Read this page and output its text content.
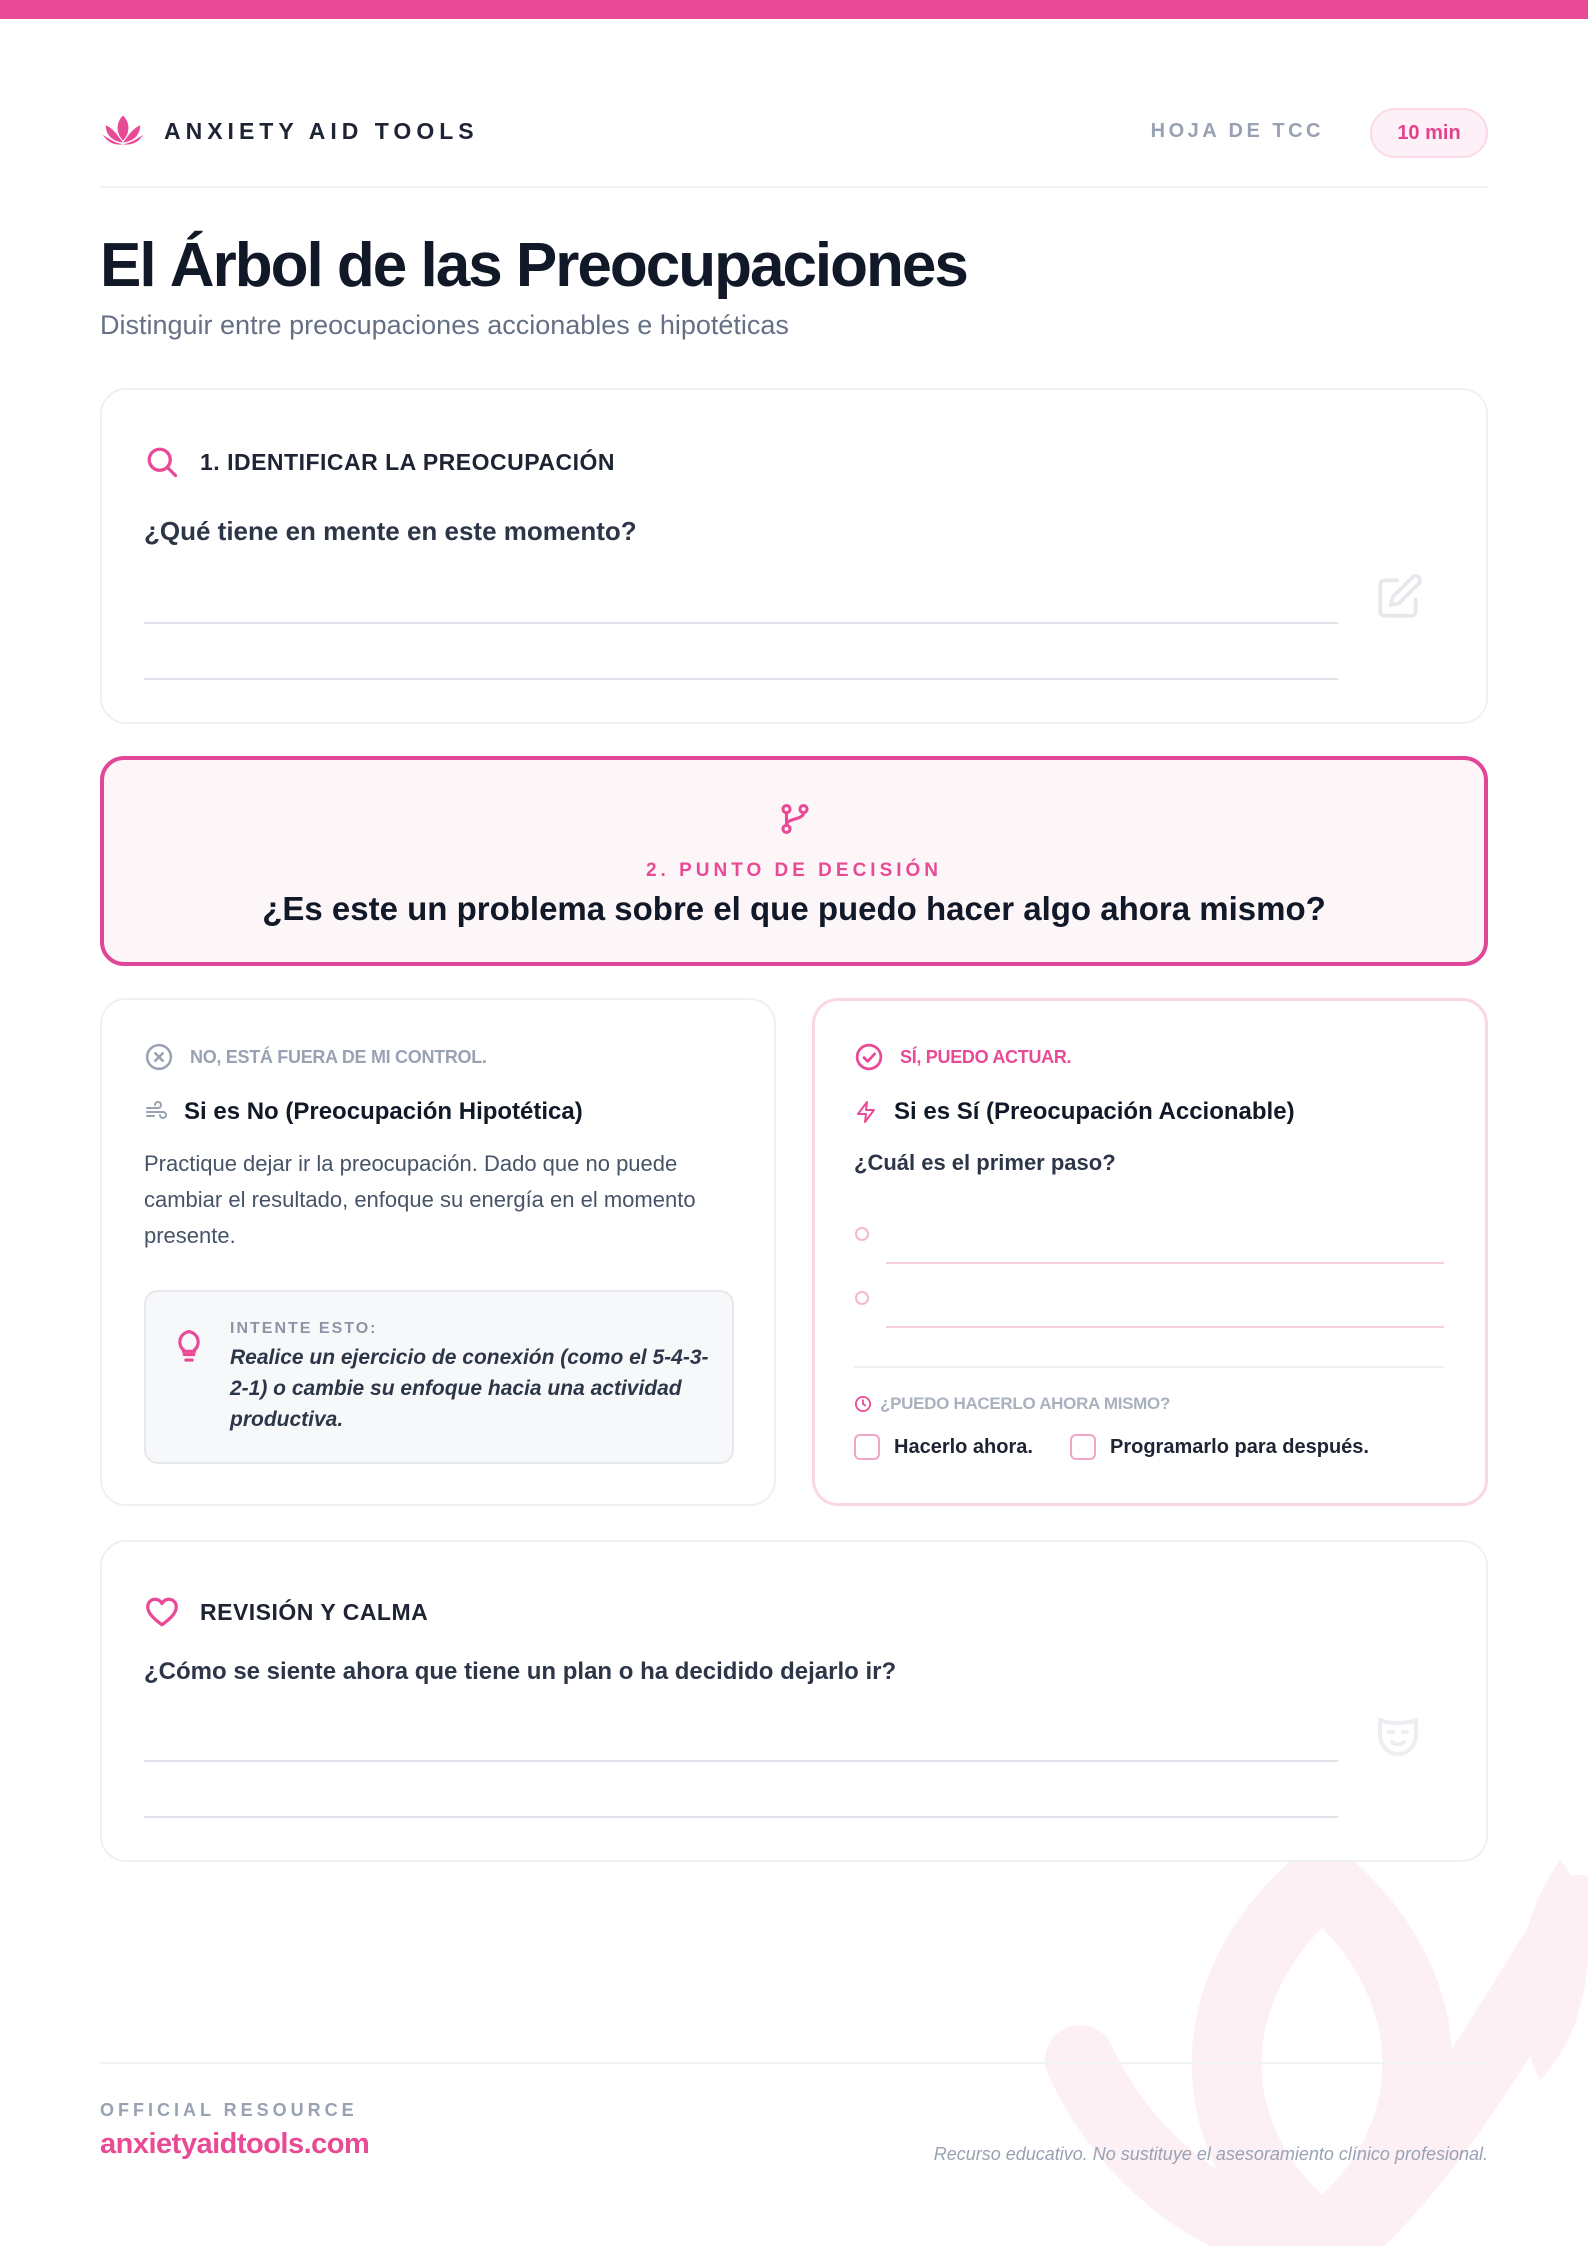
ANXIETY AID TOOLS	HOJA DE TCC	10 min
El Árbol de las Preocupaciones
Distinguir entre preocupaciones accionables e hipotéticas
1. IDENTIFICAR LA PREOCUPACIÓN
¿Qué tiene en mente en este momento?
2. PUNTO DE DECISIÓN
¿Es este un problema sobre el que puedo hacer algo ahora mismo?
NO, ESTÁ FUERA DE MI CONTROL.
Si es No (Preocupación Hipotética)
Practique dejar ir la preocupación. Dado que no puede cambiar el resultado, enfoque su energía en el momento presente.
INTENTE ESTO:
Realice un ejercicio de conexión (como el 5-4-3-2-1) o cambie su enfoque hacia una actividad productiva.
SÍ, PUEDO ACTUAR.
Si es Sí (Preocupación Accionable)
¿Cuál es el primer paso?
¿PUEDO HACERLO AHORA MISMO?
Hacerlo ahora.	Programarlo para después.
REVISIÓN Y CALMA
¿Cómo se siente ahora que tiene un plan o ha decidido dejarlo ir?
OFFICIAL RESOURCE
anxietyaidtools.com	Recurso educativo. No sustituye el asesoramiento clínico profesional.
